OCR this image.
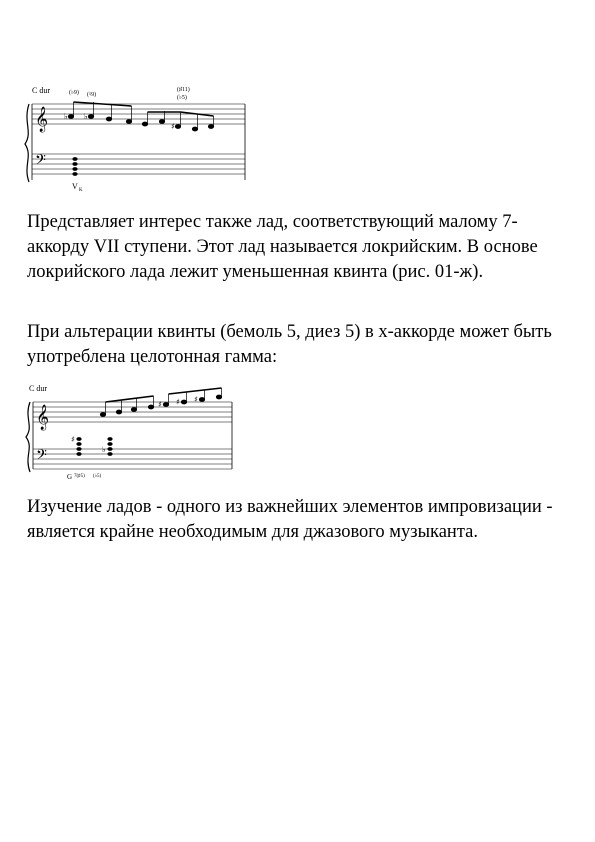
C dur	(♭9) (♮9)
(♯11)
(♭5)
𝄞
𝄢
♭ ♭
♯
V K

Представляет интерес также лад, соответствующий малому 7-аккорду VII ступени. Этот лад называется локрийским. В основе локрийского лада лежит уменьшенная квинта (рис. 01-ж).

При альтерации квинты (бемоль 5, диез 5) в х-аккорде может быть употреблена целотонная гамма:

C dur
𝄞
𝄢
♯ ♯ ♯
♯
♭
G 7(♯5) (♭5)

Изучение ладов - одного из важнейших элементов импровизации - является крайне необходимым для джазового музыканта.
